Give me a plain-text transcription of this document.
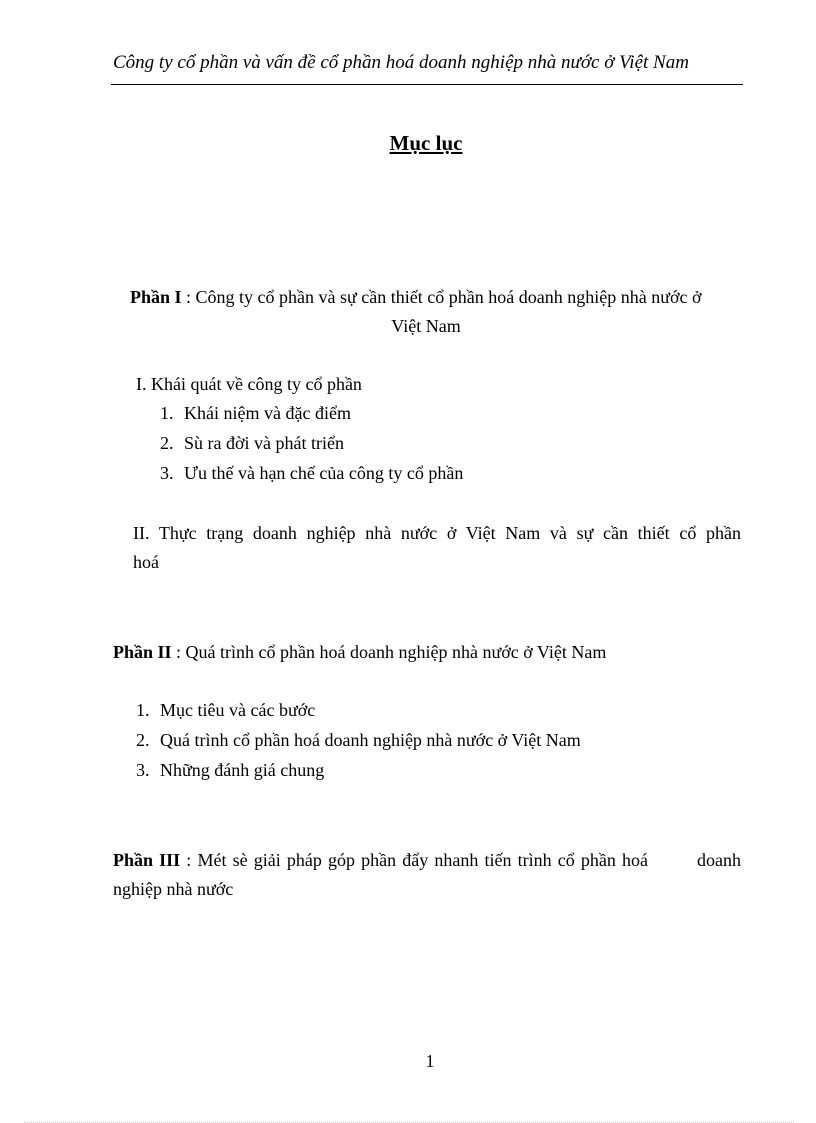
Công ty cổ phần và vấn đề cổ phần hoá doanh nghiệp nhà nước ở Việt Nam
Mục lục
Phần I : Công ty cổ phần và sự cần thiết cổ phần hoá doanh nghiệp nhà nước ở
Việt Nam
I. Khái quát về công ty cổ phần
1. Khái niệm và đặc điểm
2. Sù ra đời và phát triển
3. Ưu thế và hạn chế của công ty cổ phần
II. Thực trạng doanh nghiệp nhà nước ở Việt Nam và sự cần thiết cổ phần
hoá
Phần II : Quá trình cổ phần hoá doanh nghiệp nhà nước ở Việt Nam
1. Mục tiêu và các bước
2. Quá trình cổ phần hoá doanh nghiệp nhà nước ở Việt Nam
3. Những đánh giá chung
Phần III : Mét sè giải pháp góp phần đẩy nhanh tiến trình cổ phần hoá        doanh
nghiệp nhà nước
1
